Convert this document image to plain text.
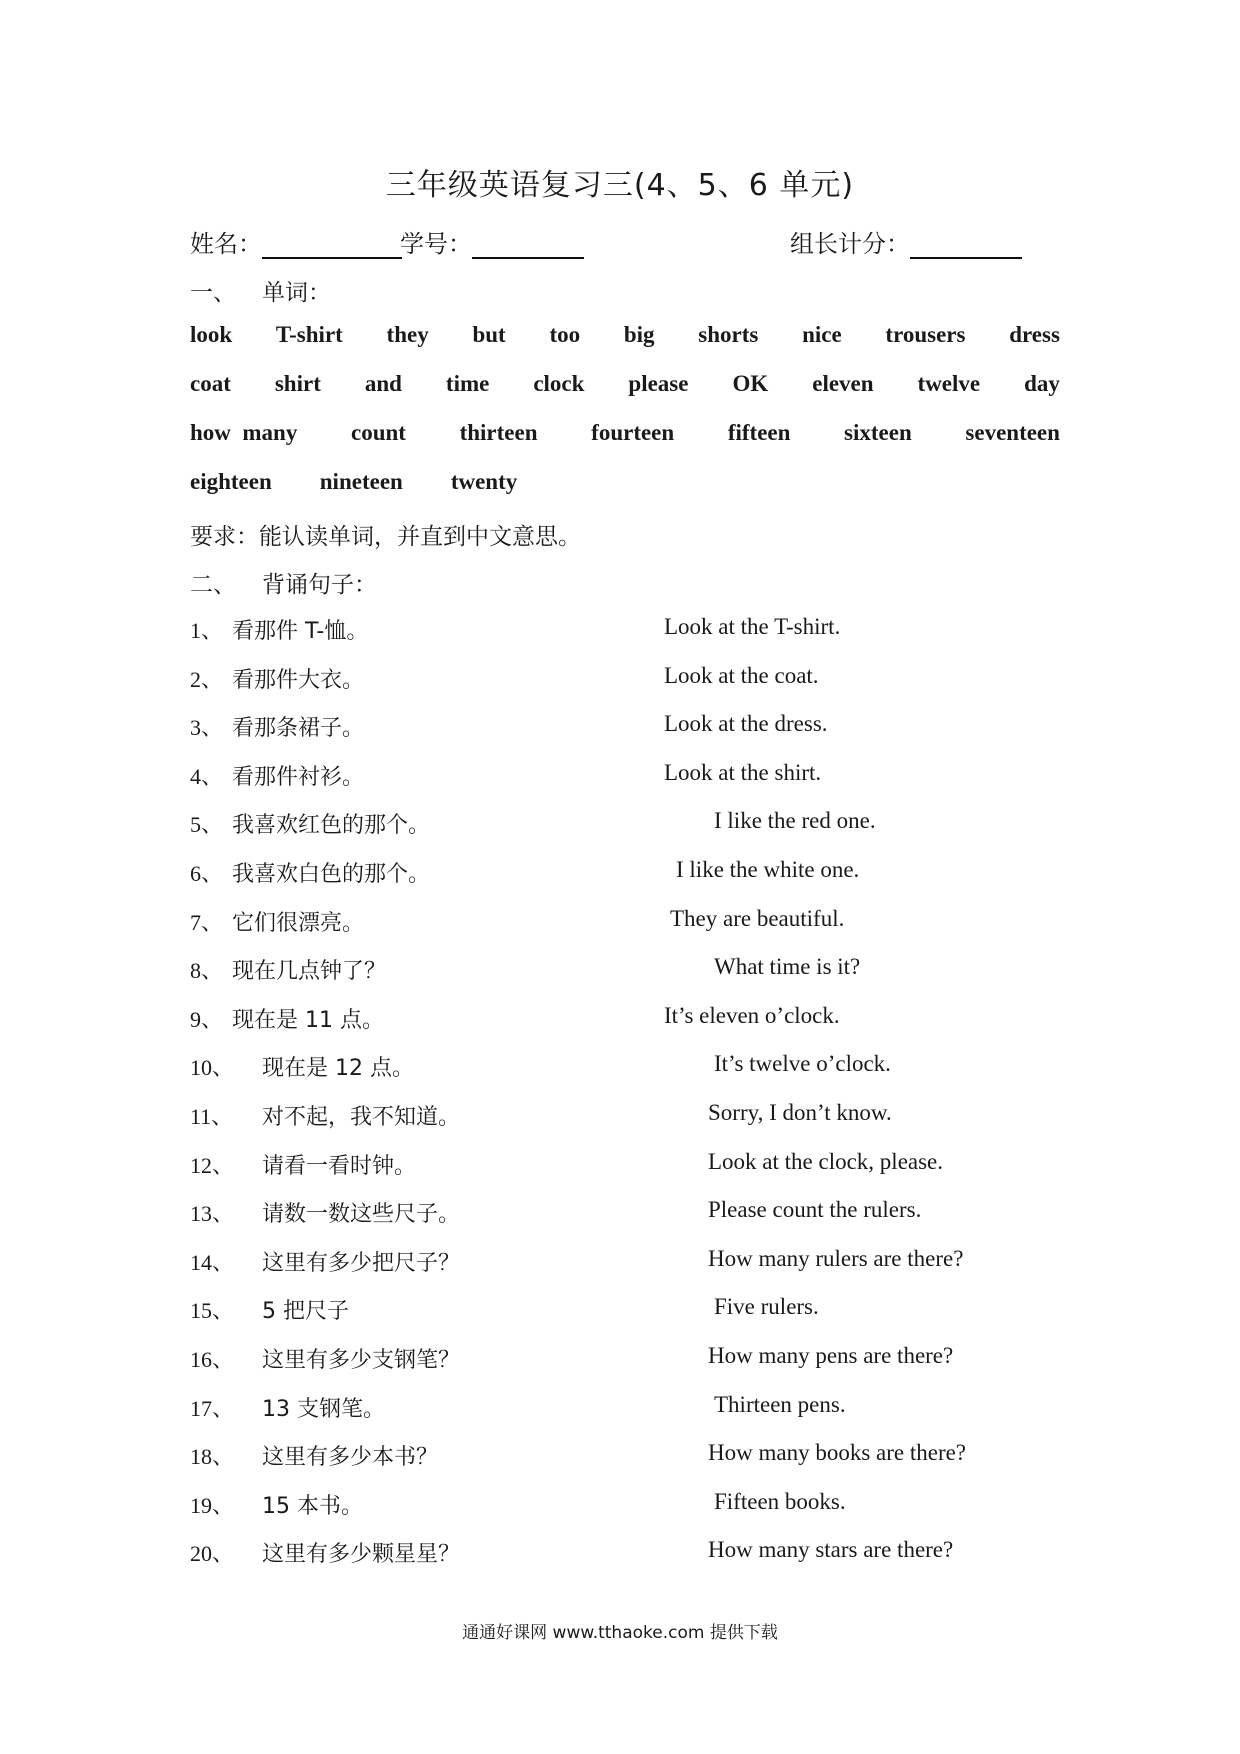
三年级英语复习三(4、5、6 单元)
姓名：	学号：	组长计分：
一、 单词：
look T-shirt they but too big shorts nice trousers dress
coat shirt and time clock please OK eleven twelve day
how  many count thirteen fourteen fifteen sixteen seventeen
eighteen nineteen twenty
要求：能认读单词，并直到中文意思。
二、 背诵句子：
1、 看那件 T-恤。	Look at the T-shirt.
2、 看那件大衣。	Look at the coat.
3、 看那条裙子。	Look at the dress.
4、 看那件衬衫。	Look at the shirt.
5、 我喜欢红色的那个。	I like the red one.
6、 我喜欢白色的那个。	I like the white one.
7、 它们很漂亮。	They are beautiful.
8、 现在几点钟了？	What time is it?
9、 现在是 11 点。	It’s eleven o’clock.
10、 现在是 12 点。	It’s twelve o’clock.
11、 对不起，我不知道。	Sorry, I don’t know.
12、 请看一看时钟。	Look at the clock, please.
13、 请数一数这些尺子。	Please count the rulers.
14、 这里有多少把尺子？	How many rulers are there?
15、 5 把尺子	Five rulers.
16、 这里有多少支钢笔？	How many pens are there?
17、 13 支钢笔。	Thirteen pens.
18、 这里有多少本书？	How many books are there?
19、 15 本书。	Fifteen books.
20、 这里有多少颗星星？	How many stars are there?
通通好课网 www.tthaoke.com 提供下载
